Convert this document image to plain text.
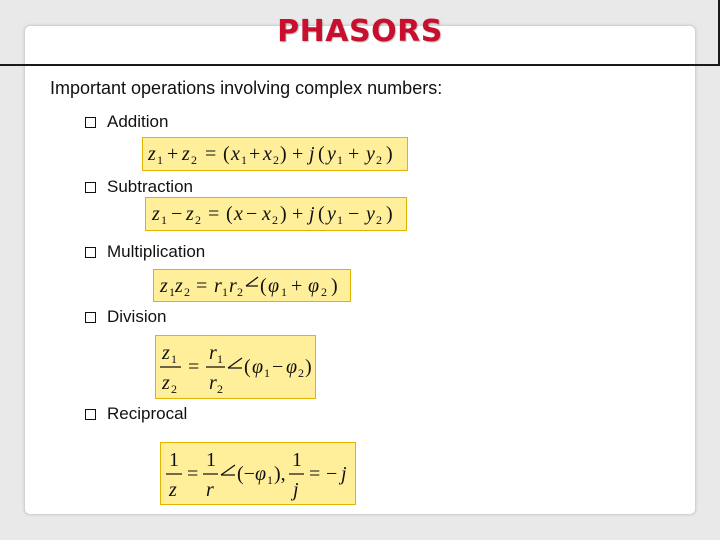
PHASORS
Important operations involving complex numbers:
Addition
z 1 + z 2 = ( x 1 + x 2 ) + j ( y 1 + y 2 )
Subtraction
z 1 − z 2 = ( x − x 2 ) + j ( y 1 − y 2 )
Multiplication
z 1 z 2 = r 1 r 2 ( φ 1 + φ 2 )
Division
z 1
z 2
=
r 1
r 2
( φ 1 − φ 2 )
Reciprocal
1
z
=
1
r
(− φ 1 ),
1
j
= − j
